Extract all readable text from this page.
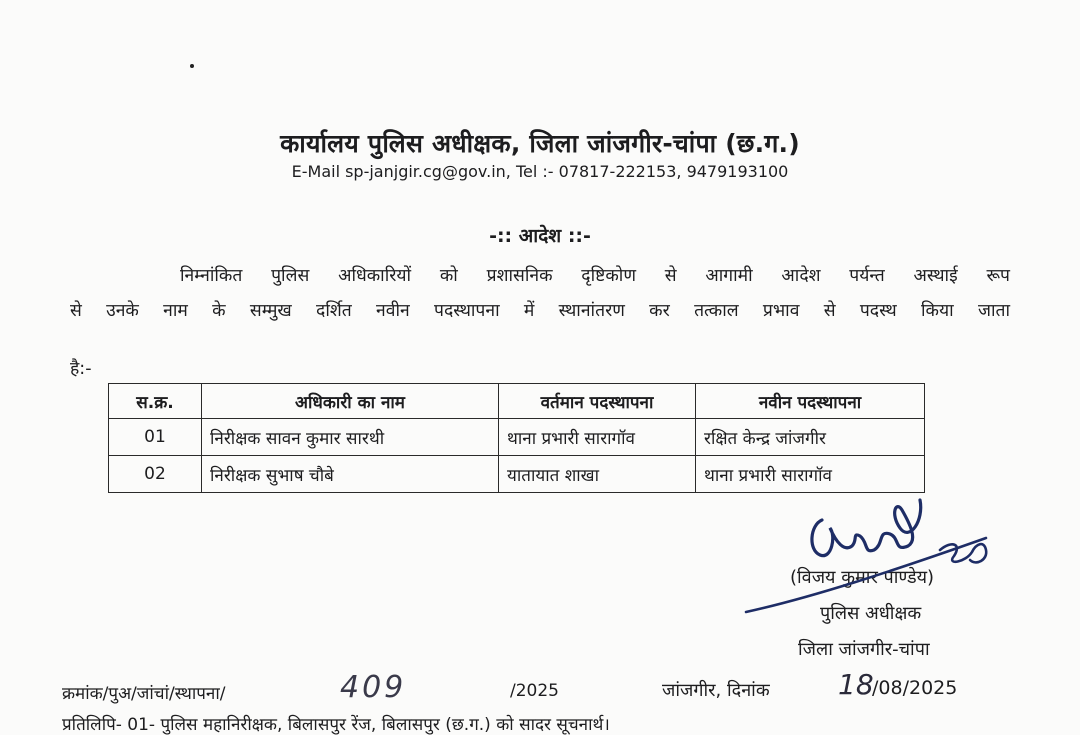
कार्यालय पुलिस अधीक्षक, जिला जांजगीर-चांपा (छ.ग.)
E-Mail sp-janjgir.cg@gov.in, Tel :- 07817-222153, 9479193100
-:: आदेश ::-
निम्नांकित पुलिस अधिकारियों को प्रशासनिक दृष्टिकोण से आगामी आदेश पर्यन्त अस्थाई रूप
से उनके नाम के सम्मुख दर्शित नवीन पदस्थापना में स्थानांतरण कर तत्काल प्रभाव से पदस्थ किया जाता
है:-
स.क्र.	अधिकारी का नाम	वर्तमान पदस्थापना	नवीन पदस्थापना
01	निरीक्षक सावन कुमार सारथी	थाना प्रभारी सारागॉव	रक्षित केन्द्र जांजगीर
02	निरीक्षक सुभाष चौबे	यातायात शाखा	थाना प्रभारी सारागॉव
(विजय कुमार पाण्डेय)
पुलिस अधीक्षक
जिला जांजगीर-चांपा
क्रमांक/पुअ/जांचां/स्थापना/	409	/2025	जांजगीर, दिनांक 18
/08/2025
प्रतिलिपि- 01- पुलिस महानिरीक्षक, बिलासपुर रेंज, बिलासपुर (छ.ग.) को सादर सूचनार्थ।
